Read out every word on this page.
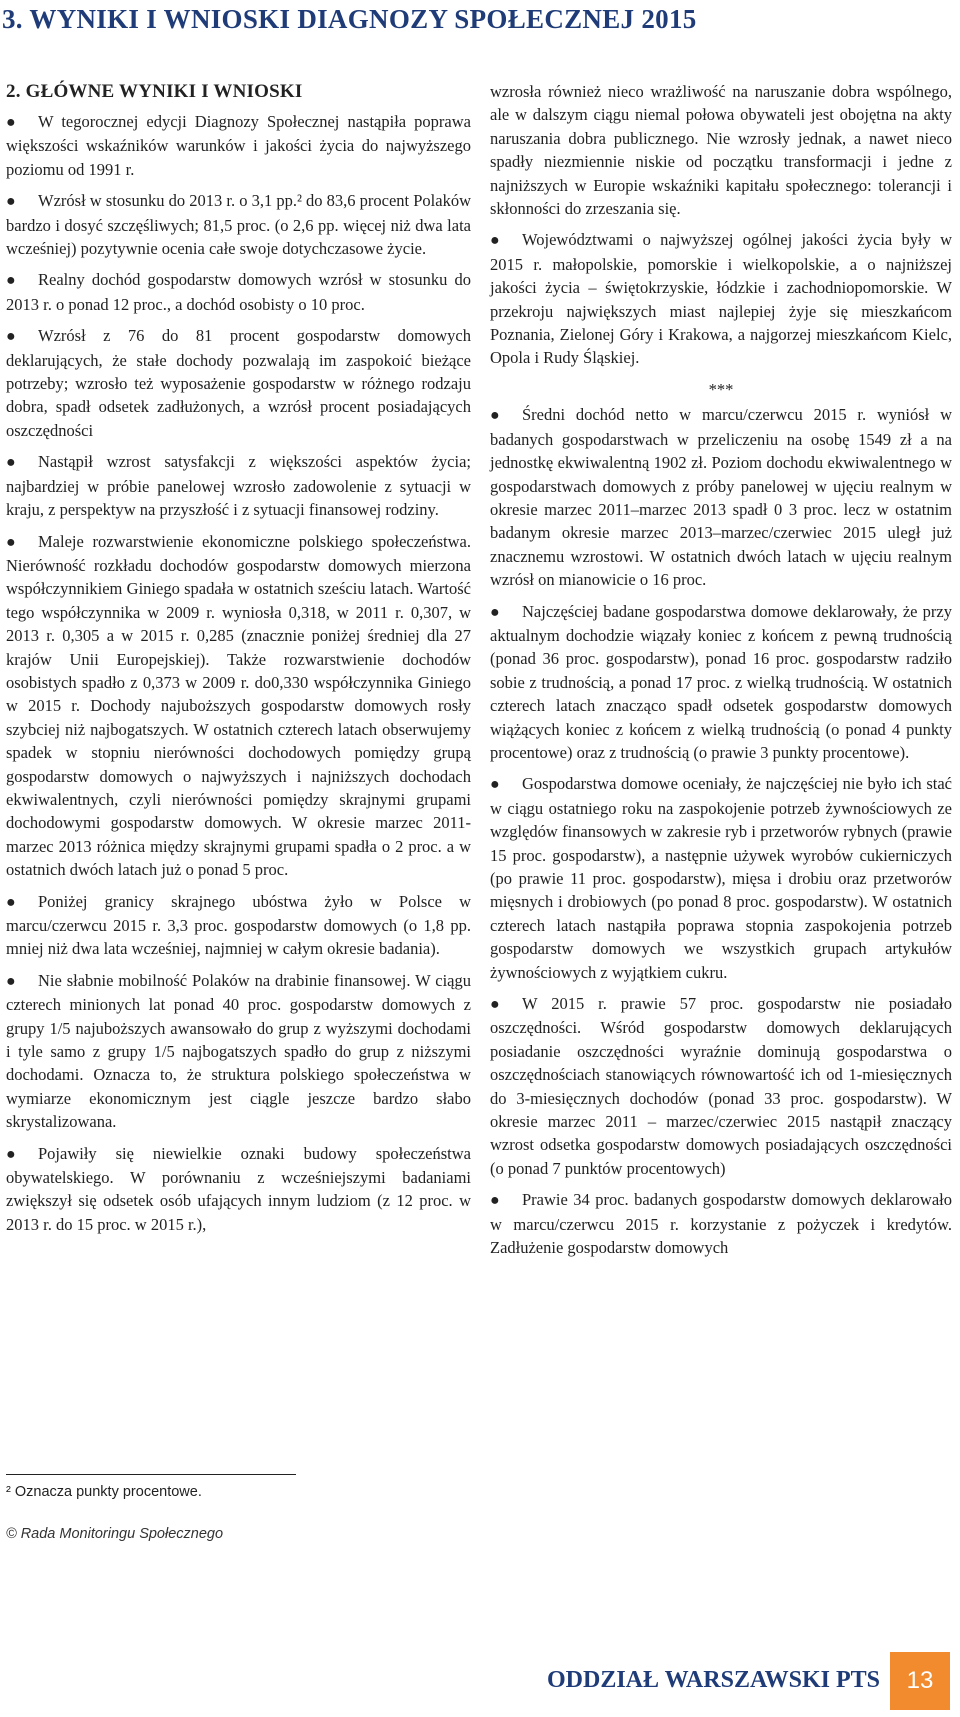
3. WYNIKI I WNIOSKI DIAGNOZY SPOŁECZNEJ 2015
2. GŁÓWNE WYNIKI I WNIOSKI
● W tegorocznej edycji Diagnozy Społecznej nastąpiła poprawa większości wskaźników warunków i jakości życia do najwyższego poziomu od 1991 r.
● Wzrósł w stosunku do 2013 r. o 3,1 pp.² do 83,6 procent Polaków bardzo i dosyć szczęśliwych; 81,5 proc. (o 2,6 pp. więcej niż dwa lata wcześniej) pozytywnie ocenia całe swoje dotychczasowe życie.
● Realny dochód gospodarstw domowych wzrósł w stosunku do 2013 r. o ponad 12 proc., a dochód osobisty o 10 proc.
● Wzrósł z 76 do 81 procent gospodarstw domowych deklarujących, że stałe dochody pozwalają im zaspokoić bieżące potrzeby; wzrosło też wyposażenie gospodarstw w różnego rodzaju dobra, spadł odsetek zadłużonych, a wzrósł procent posiadających oszczędności
● Nastąpił wzrost satysfakcji z większości aspektów życia; najbardziej w próbie panelowej wzrosło zadowolenie z sytuacji w kraju, z perspektyw na przyszłość i z sytuacji finansowej rodziny.
● Maleje rozwarstwienie ekonomiczne polskiego społeczeństwa. Nierówność rozkładu dochodów gospodarstw domowych mierzona współczynnikiem Giniego spadała w ostatnich sześciu latach. Wartość tego współczynnika w 2009 r. wyniosła 0,318, w 2011 r. 0,307, w 2013 r. 0,305 a w 2015 r. 0,285 (znacznie poniżej średniej dla 27 krajów Unii Europejskiej). Także rozwarstwienie dochodów osobistych spadło z 0,373 w 2009 r. do0,330 współczynnika Giniego w 2015 r. Dochody najuboższych gospodarstw domowych rosły szybciej niż najbogatszych. W ostatnich czterech latach obserwujemy spadek w stopniu nierówności dochodowych pomiędzy grupą gospodarstw domowych o najwyższych i najniższych dochodach ekwiwalentnych, czyli nierówności pomiędzy skrajnymi grupami dochodowymi gospodarstw domowych. W okresie marzec 2011-marzec 2013 różnica między skrajnymi grupami spadła o 2 proc. a w ostatnich dwóch latach już o ponad 5 proc.
● Poniżej granicy skrajnego ubóstwa żyło w Polsce w marcu/czerwcu 2015 r. 3,3 proc. gospodarstw domowych (o 1,8 pp. mniej niż dwa lata wcześniej, najmniej w całym okresie badania).
● Nie słabnie mobilność Polaków na drabinie finansowej. W ciągu czterech minionych lat ponad 40 proc. gospodarstw domowych z grupy 1/5 najuboższych awansowało do grup z wyższymi dochodami i tyle samo z grupy 1/5 najbogatszych spadło do grup z niższymi dochodami. Oznacza to, że struktura polskiego społeczeństwa w wymiarze ekonomicznym jest ciągle jeszcze bardzo słabo skrystalizowana.
● Pojawiły się niewielkie oznaki budowy społeczeństwa obywatelskiego. W porównaniu z wcześniejszymi badaniami zwiększył się odsetek osób ufających innym ludziom (z 12 proc. w 2013 r. do 15 proc. w 2015 r.),
wzrosła również nieco wrażliwość na naruszanie dobra wspólnego, ale w dalszym ciągu niemal połowa obywateli jest obojętna na akty naruszania dobra publicznego. Nie wzrosły jednak, a nawet nieco spadły niezmiennie niskie od początku transformacji i jedne z najniższych w Europie wskaźniki kapitału społecznego: tolerancji i skłonności do zrzeszania się.
● Województwami o najwyższej ogólnej jakości życia były w 2015 r. małopolskie, pomorskie i wielkopolskie, a o najniższej jakości życia – świętokrzyskie, łódzkie i zachodniopomorskie. W przekroju największych miast najlepiej żyje się mieszkańcom Poznania, Zielonej Góry i Krakowa, a najgorzej mieszkańcom Kielc, Opola i Rudy Śląskiej.
***
● Średni dochód netto w marcu/czerwcu 2015 r. wyniósł w badanych gospodarstwach w przeliczeniu na osobę 1549 zł a na jednostkę ekwiwalentną 1902 zł. Poziom dochodu ekwiwalentnego w gospodarstwach domowych z próby panelowej w ujęciu realnym w okresie marzec 2011–marzec 2013 spadł 0 3 proc. lecz w ostatnim badanym okresie marzec 2013–marzec/czerwiec 2015 uległ już znacznemu wzrostowi. W ostatnich dwóch latach w ujęciu realnym wzrósł on mianowicie o 16 proc.
● Najczęściej badane gospodarstwa domowe deklarowały, że przy aktualnym dochodzie wiązały koniec z końcem z pewną trudnością (ponad 36 proc. gospodarstw), ponad 16 proc. gospodarstw radziło sobie z trudnością, a ponad 17 proc. z wielką trudnością. W ostatnich czterech latach znacząco spadł odsetek gospodarstw domowych wiążących koniec z końcem z wielką trudnością (o ponad 4 punkty procentowe) oraz z trudnością (o prawie 3 punkty procentowe).
● Gospodarstwa domowe oceniały, że najczęściej nie było ich stać w ciągu ostatniego roku na zaspokojenie potrzeb żywnościowych ze względów finansowych w zakresie ryb i przetworów rybnych (prawie 15 proc. gospodarstw), a następnie używek wyrobów cukierniczych (po prawie 11 proc. gospodarstw), mięsa i drobiu oraz przetworów mięsnych i drobiowych (po ponad 8 proc. gospodarstw). W ostatnich czterech latach nastąpiła poprawa stopnia zaspokojenia potrzeb gospodarstw domowych we wszystkich grupach artykułów żywnościowych z wyjątkiem cukru.
● W 2015 r. prawie 57 proc. gospodarstw nie posiadało oszczędności. Wśród gospodarstw domowych deklarujących posiadanie oszczędności wyraźnie dominują gospodarstwa o oszczędnościach stanowiących równowartość ich od 1-miesięcznych do 3-miesięcznych dochodów (ponad 33 proc. gospodarstw). W okresie marzec 2011 – marzec/czerwiec 2015 nastąpił znaczący wzrost odsetka gospodarstw domowych posiadających oszczędności (o ponad 7 punktów procentowych)
● Prawie 34 proc. badanych gospodarstw domowych deklarowało w marcu/czerwcu 2015 r. korzystanie z pożyczek i kredytów. Zadłużenie gospodarstw domowych
² Oznacza punkty procentowe.
© Rada Monitoringu Społecznego
ODDZIAŁ WARSZAWSKI PTS	13
